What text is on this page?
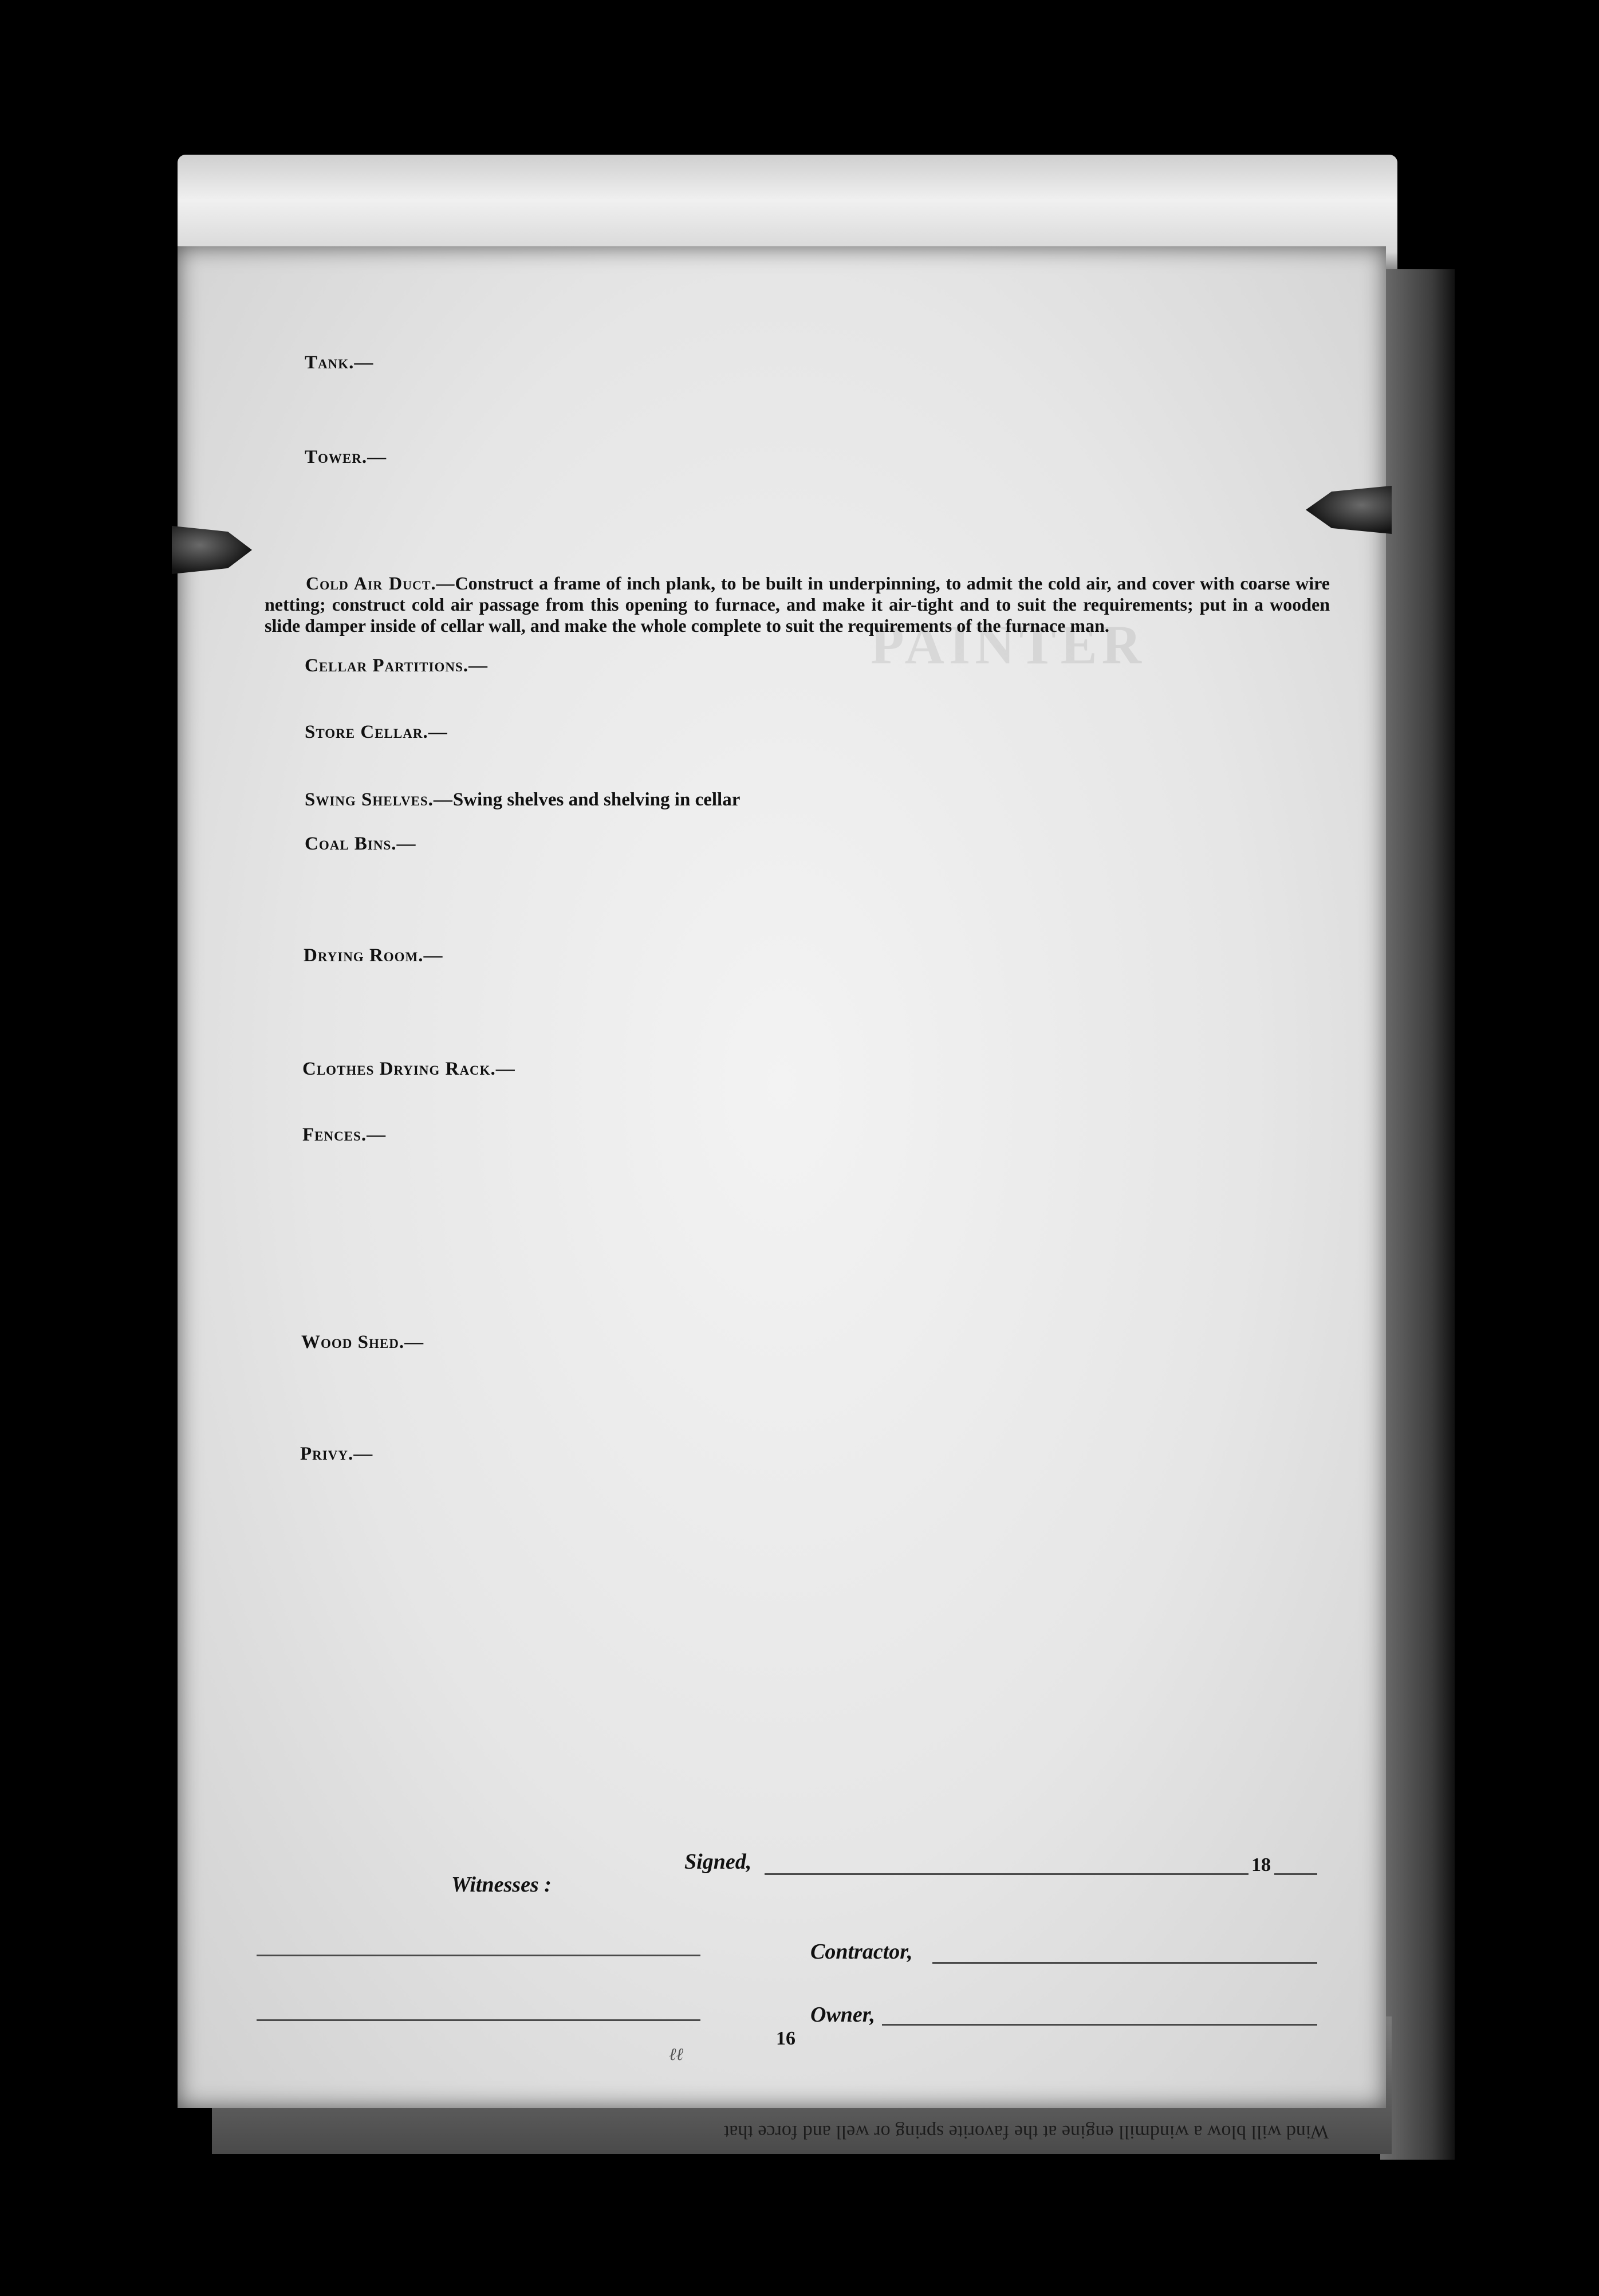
Wind will blow a windmill engine at the favorite spring or well and force that
PAINTER
Tank.—
Tower.—
Cold Air Duct.—Construct a frame of inch plank, to be built in underpinning, to admit the cold air, and cover with coarse wire netting; construct cold air passage from this opening to furnace, and make it air-tight and to suit the requirements; put in a wooden slide damper inside of cellar wall, and make the whole complete to suit the requirements of the furnace man.
Cellar Partitions.—
Store Cellar.—
Swing Shelves.—Swing shelves and shelving in cellar
Coal Bins.—
Drying Room.—
Clothes Drying Rack.—
Fences.—
Wood Shed.—
Privy.—
Signed,	18
Witnesses :
Contractor,
Owner,
16
ℓℓ
